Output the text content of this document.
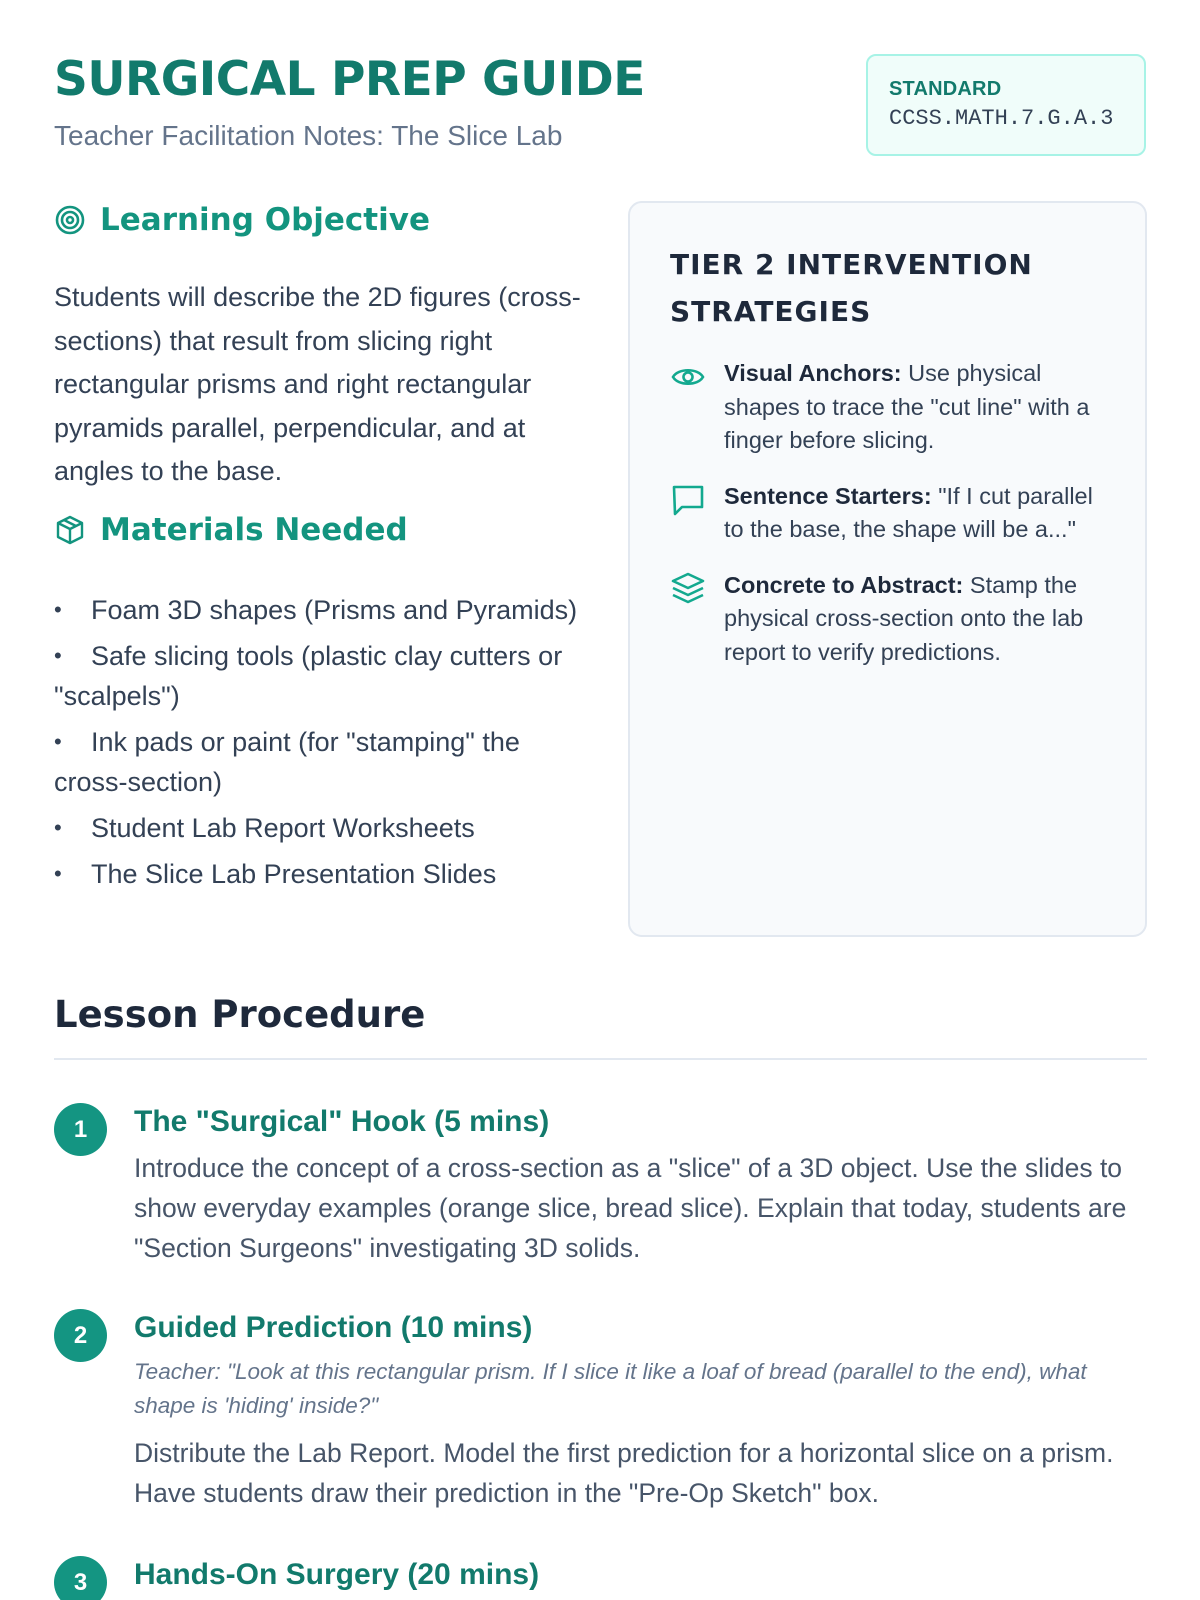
SURGICAL PREP GUIDE
Teacher Facilitation Notes: The Slice Lab
STANDARD
CCSS.MATH.7.G.A.3
Learning Objective
Students will describe the 2D figures (cross-sections) that result from slicing right rectangular prisms and right rectangular pyramids parallel, perpendicular, and at angles to the base.
Materials Needed
• Foam 3D shapes (Prisms and Pyramids)
• Safe slicing tools (plastic clay cutters or "scalpels")
• Ink pads or paint (for "stamping" the cross-section)
• Student Lab Report Worksheets
• The Slice Lab Presentation Slides
TIER 2 INTERVENTION STRATEGIES
Visual Anchors: Use physical shapes to trace the "cut line" with a finger before slicing.
Sentence Starters: "If I cut parallel to the base, the shape will be a..."
Concrete to Abstract: Stamp the physical cross-section onto the lab report to verify predictions.
Lesson Procedure
1	The "Surgical" Hook (5 mins)
Introduce the concept of a cross-section as a "slice" of a 3D object. Use the slides to show everyday examples (orange slice, bread slice). Explain that today, students are "Section Surgeons" investigating 3D solids.
2	Guided Prediction (10 mins)
Teacher: "Look at this rectangular prism. If I slice it like a loaf of bread (parallel to the end), what shape is 'hiding' inside?"
Distribute the Lab Report. Model the first prediction for a horizontal slice on a prism. Have students draw their prediction in the "Pre-Op Sketch" box.
3	Hands-On Surgery (20 mins)
